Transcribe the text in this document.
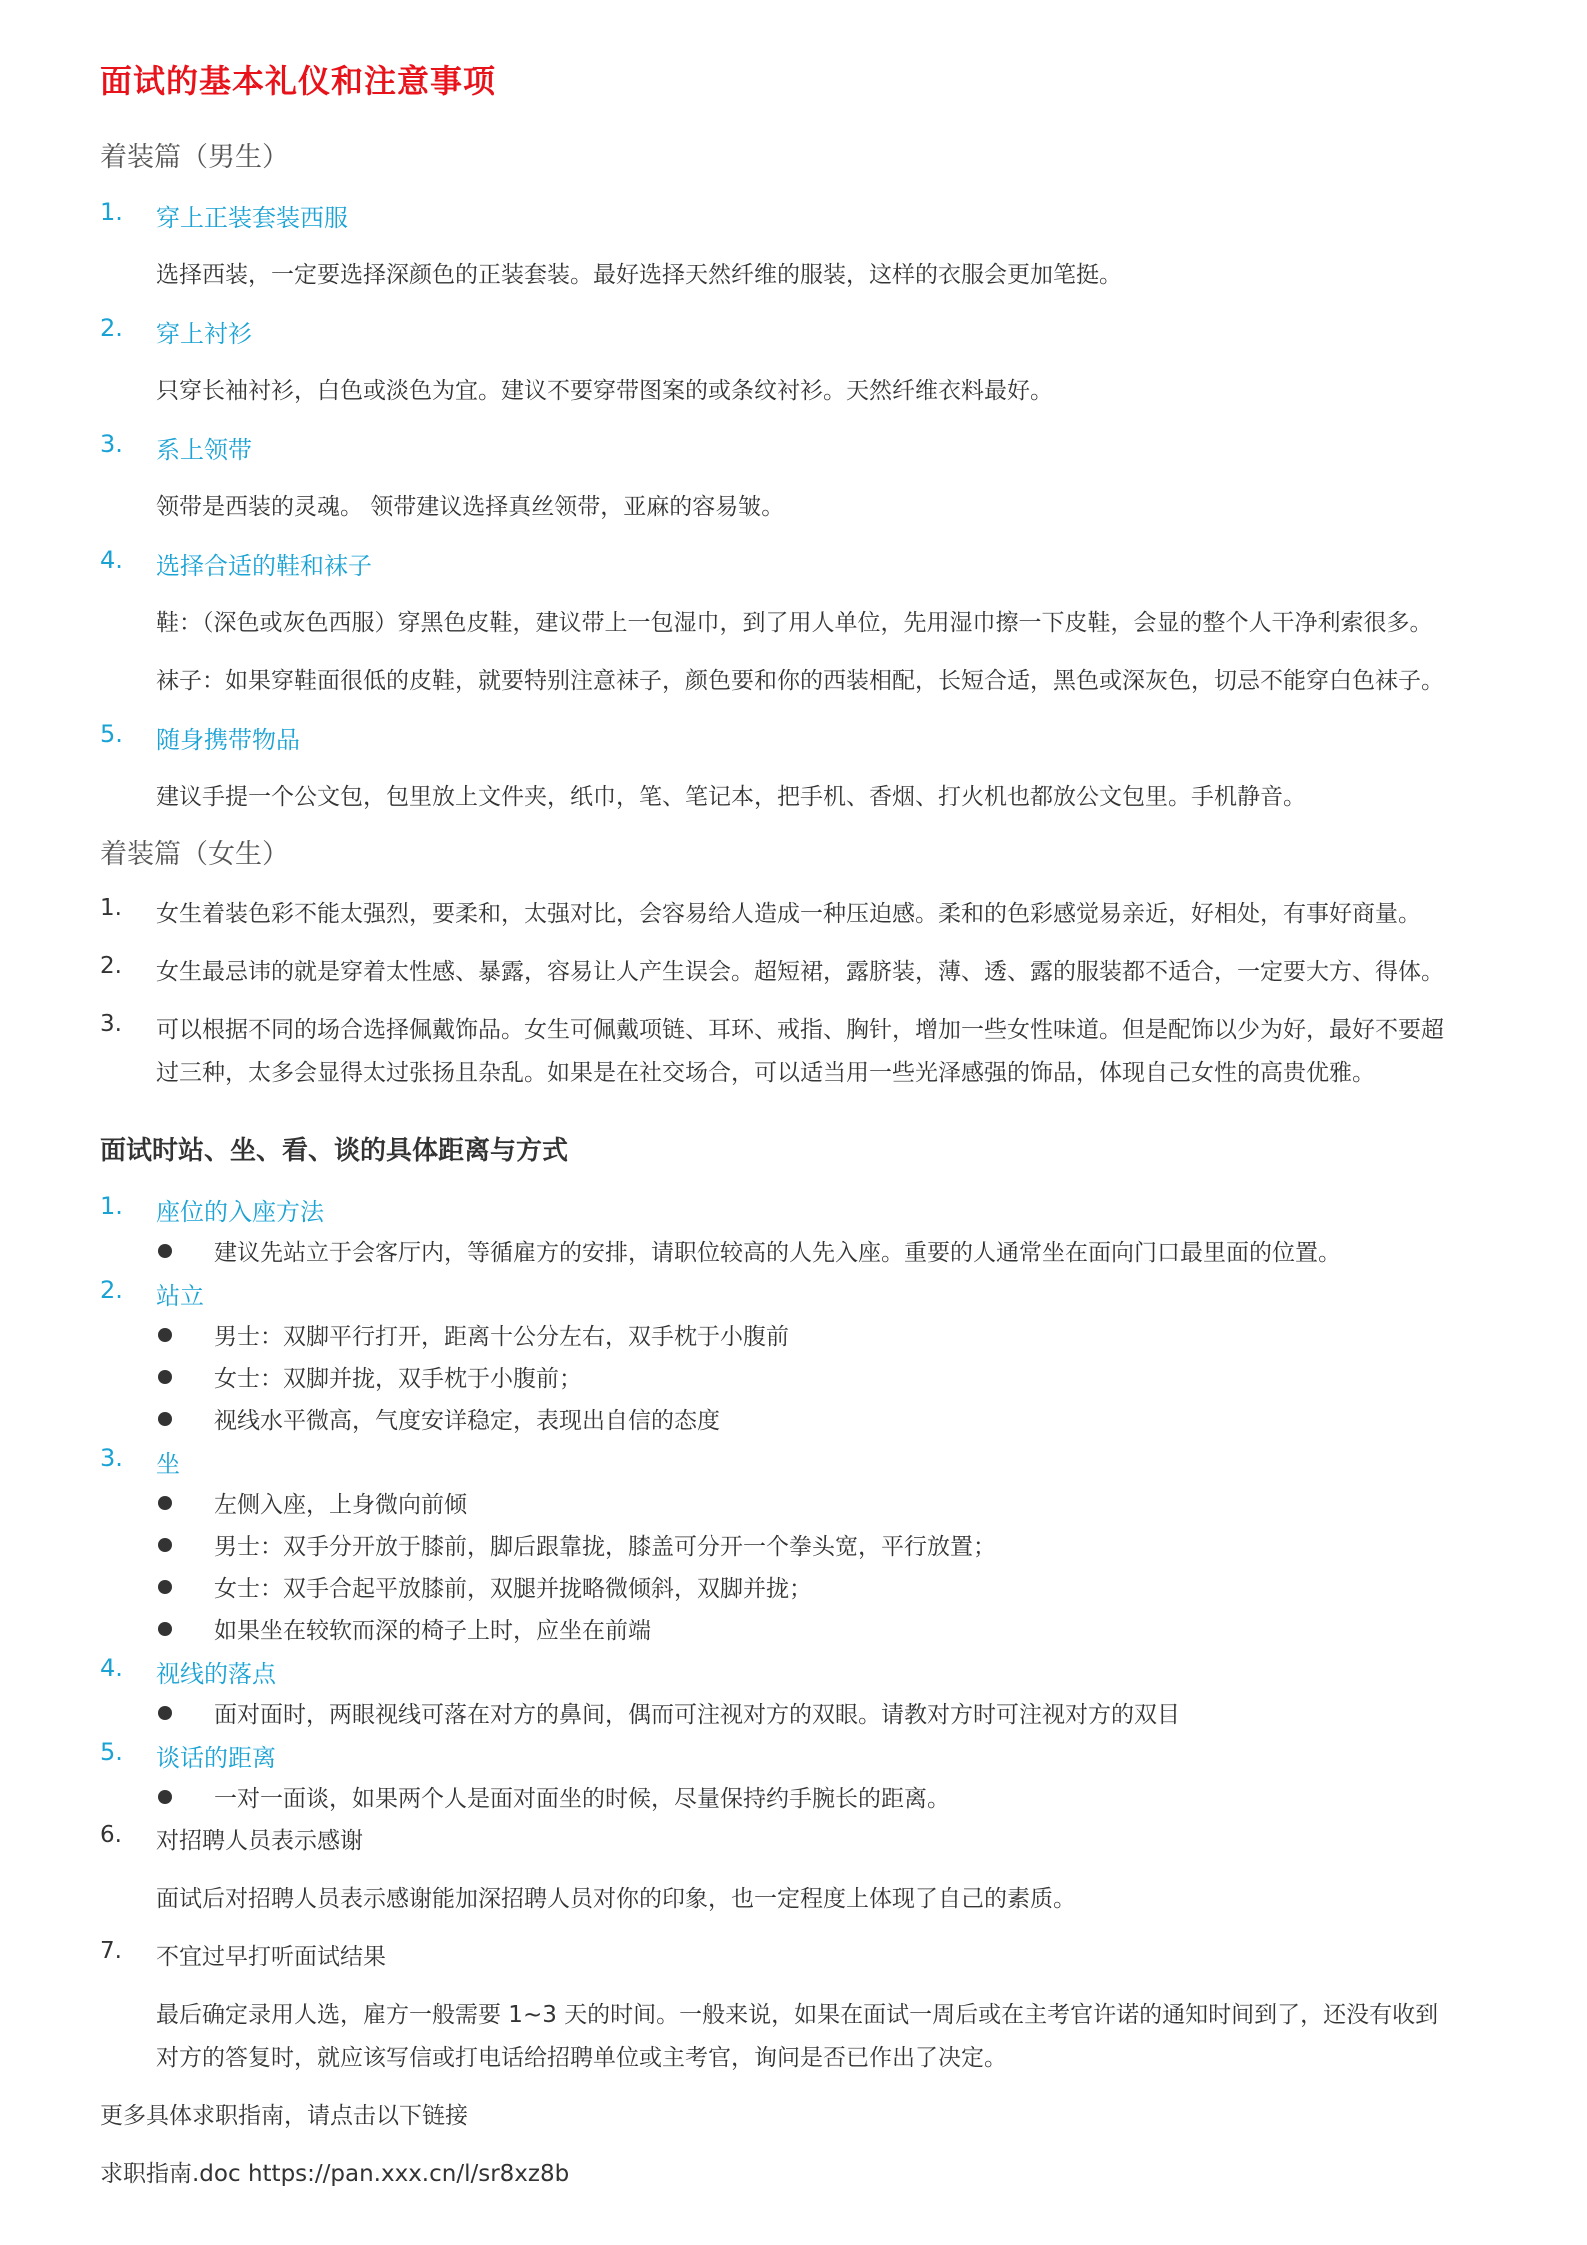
面试的基本礼仪和注意事项
着装篇（男生）
1.	穿上正装套装西服
选择西装，一定要选择深颜色的正装套装。最好选择天然纤维的服装，这样的衣服会更加笔挺。
2.	穿上衬衫
只穿长袖衬衫，白色或淡色为宜。建议不要穿带图案的或条纹衬衫。天然纤维衣料最好。
3.	系上领带
领带是西装的灵魂。 领带建议选择真丝领带，亚麻的容易皱。
4.	选择合适的鞋和袜子
鞋：（深色或灰色西服）穿黑色皮鞋，建议带上一包湿巾，到了用人单位，先用湿巾擦一下皮鞋，会显的整个人干净利索很多。
袜子：如果穿鞋面很低的皮鞋，就要特别注意袜子，颜色要和你的西装相配，长短合适，黑色或深灰色，切忌不能穿白色袜子。
5.	随身携带物品
建议手提一个公文包，包里放上文件夹，纸巾，笔、笔记本，把手机、香烟、打火机也都放公文包里。手机静音。
着装篇（女生）
1.	女生着装色彩不能太强烈，要柔和，太强对比，会容易给人造成一种压迫感。柔和的色彩感觉易亲近，好相处，有事好商量。
2.	女生最忌讳的就是穿着太性感、暴露，容易让人产生误会。超短裙，露脐装，薄、透、露的服装都不适合，一定要大方、得体。
3.	可以根据不同的场合选择佩戴饰品。女生可佩戴项链、耳环、戒指、胸针，增加一些女性味道。但是配饰以少为好，最好不要超
过三种，太多会显得太过张扬且杂乱。如果是在社交场合，可以适当用一些光泽感强的饰品，体现自己女性的高贵优雅。
面试时站、坐、看、谈的具体距离与方式
1.	座位的入座方法
建议先站立于会客厅内，等循雇方的安排，请职位较高的人先入座。重要的人通常坐在面向门口最里面的位置。
2.	站立
男士：双脚平行打开，距离十公分左右，双手枕于小腹前
女士：双脚并拢，双手枕于小腹前；
视线水平微高，气度安详稳定，表现出自信的态度
3.	坐
左侧入座，上身微向前倾
男士：双手分开放于膝前，脚后跟靠拢，膝盖可分开一个拳头宽，平行放置；
女士：双手合起平放膝前，双腿并拢略微倾斜，双脚并拢；
如果坐在较软而深的椅子上时，应坐在前端
4.	视线的落点
面对面时，两眼视线可落在对方的鼻间，偶而可注视对方的双眼。请教对方时可注视对方的双目
5.	谈话的距离
一对一面谈，如果两个人是面对面坐的时候，尽量保持约手腕长的距离。
6.	对招聘人员表示感谢
面试后对招聘人员表示感谢能加深招聘人员对你的印象，也一定程度上体现了自己的素质。
7.	不宜过早打听面试结果
最后确定录用人选，雇方一般需要 1~3 天的时间。一般来说，如果在面试一周后或在主考官许诺的通知时间到了，还没有收到
对方的答复时，就应该写信或打电话给招聘单位或主考官，询问是否已作出了决定。
更多具体求职指南，请点击以下链接
求职指南.doc https://pan.xxx.cn/l/sr8xz8b
